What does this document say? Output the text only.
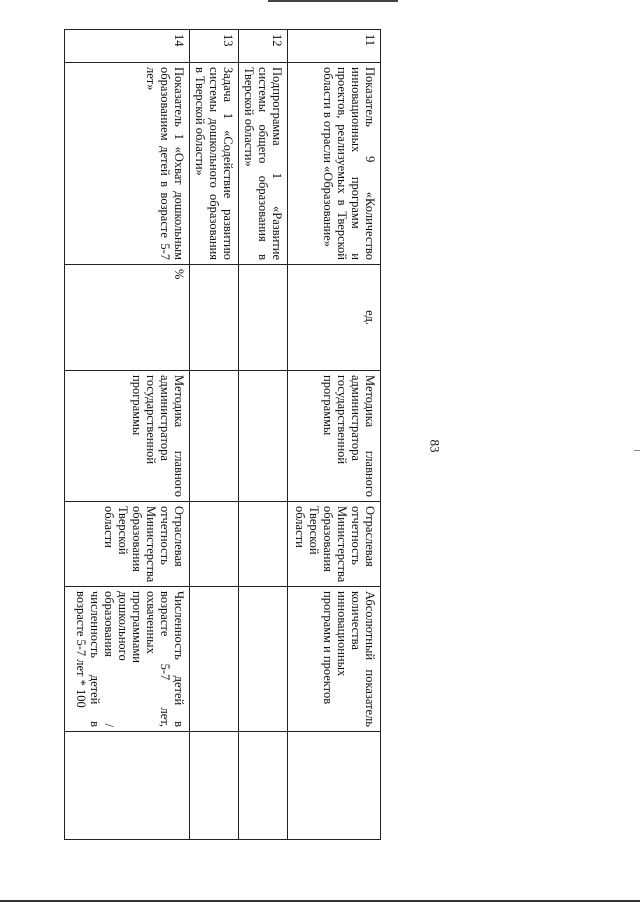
83
11	Показатель 9 «Количество инновационных программ и проектов, реализуемых в Тверской области в отрасли «Образование»	ед.	Методика главного администратора государственной программы	Отраслевая отчетность Министерства образования Тверской области	Абсолютный показатель количества инновационных программ и проектов	
12	Подпрограмма 1 «Развитие системы общего образования в Тверской области»					
13	Задача 1 «Содействие развитию системы дошкольного образования в Тверской области»					
14	Показатель 1 «Охват дошкольным образованием детей в возрасте 5-7 лет»	%	Методика главного администратора государственной программы	Отраслевая отчетность Министерства образования Тверской области	Численность детей в возрасте 5-7 лет, охваченных программами дошкольного образования / численность детей в возрасте 5-7 лет * 100	
